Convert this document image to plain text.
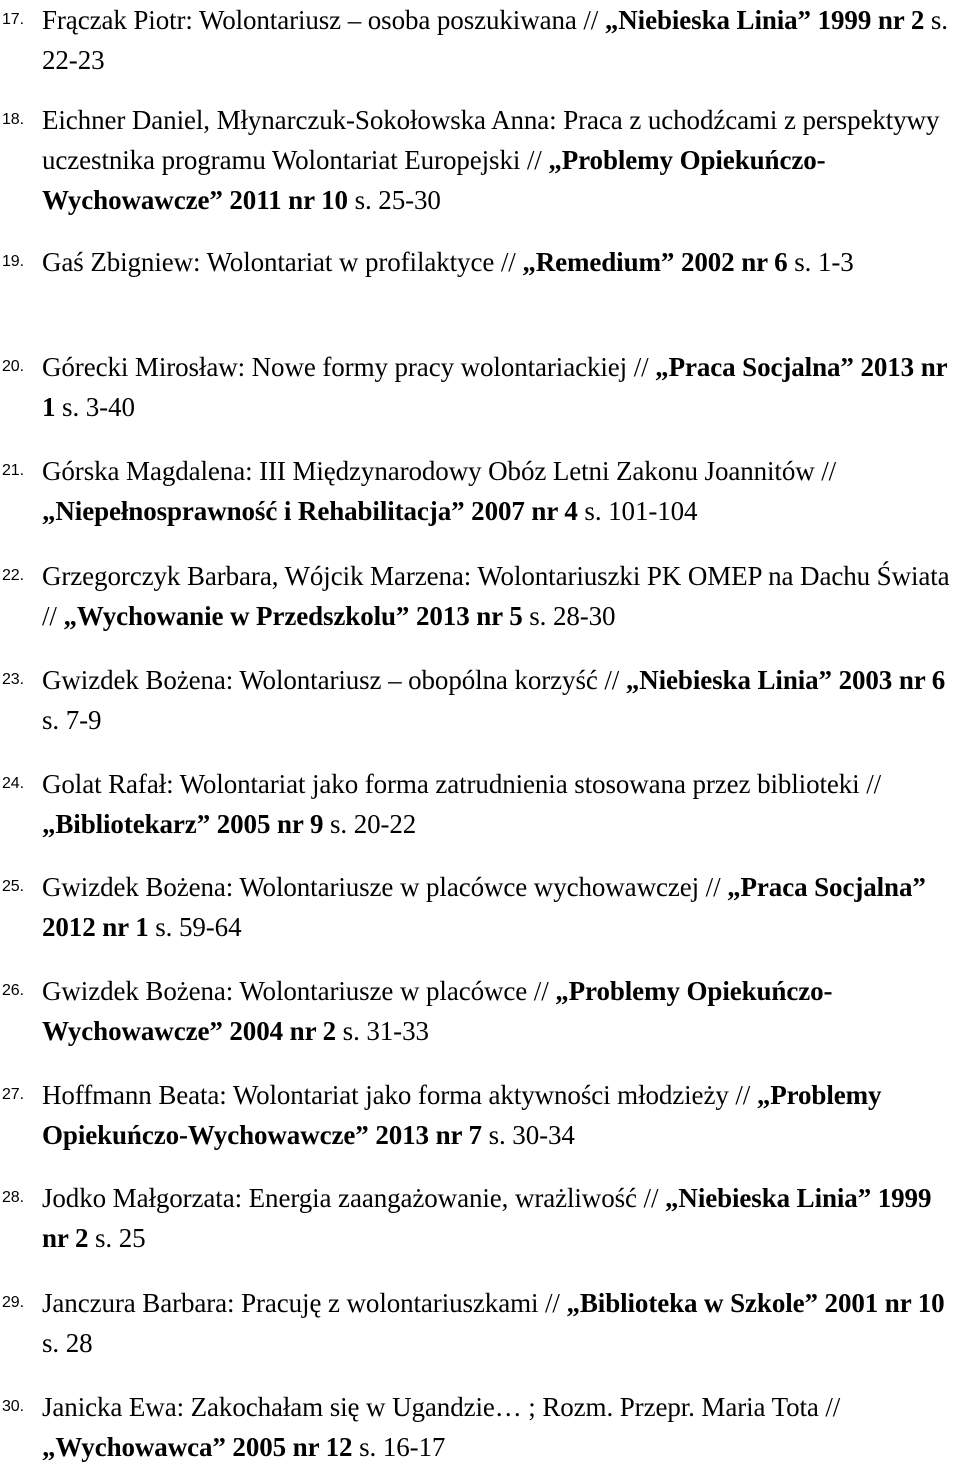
17 . Frączak Piotr: Wolontariusz – osoba poszukiwana // „Niebieska Linia” 1999 nr 2 s. 22-23
18 . Eichner Daniel, Młynarczuk-Sokołowska Anna: Praca z uchodźcami z perspektywy uczestnika programu Wolontariat Europejski // „Problemy Opiekuńczo-Wychowawcze” 2011 nr 10 s. 25-30
19 . Gaś Zbigniew: Wolontariat w profilaktyce // „Remedium” 2002 nr 6 s. 1-3
20 . Górecki Mirosław: Nowe formy pracy wolontariackiej // „Praca Socjalna” 2013 nr 1 s. 3-40
21 . Górska Magdalena: III Międzynarodowy Obóz Letni Zakonu Joannitów // „Niepełnosprawność i Rehabilitacja” 2007 nr 4 s. 101-104
22 . Grzegorczyk Barbara, Wójcik Marzena: Wolontariuszki PK OMEP na Dachu Świata // „Wychowanie w Przedszkolu” 2013 nr 5 s. 28-30
23 . Gwizdek Bożena: Wolontariusz – obopólna korzyść // „Niebieska Linia” 2003 nr 6 s. 7-9
24 . Golat Rafał: Wolontariat jako forma zatrudnienia stosowana przez biblioteki // „Bibliotekarz” 2005 nr 9 s. 20-22
25 . Gwizdek Bożena: Wolontariusze w placówce wychowawczej // „Praca Socjalna” 2012 nr 1 s. 59-64
26 . Gwizdek Bożena: Wolontariusze w placówce // „Problemy Opiekuńczo-Wychowawcze” 2004 nr 2 s. 31-33
27 . Hoffmann Beata: Wolontariat jako forma aktywności młodzieży // „Problemy Opiekuńczo-Wychowawcze” 2013 nr 7 s. 30-34
28 . Jodko Małgorzata: Energia zaangażowanie, wrażliwość // „Niebieska Linia” 1999 nr 2 s. 25
29 . Janczura Barbara: Pracuję z wolontariuszkami // „Biblioteka w Szkole” 2001 nr 10 s. 28
30 . Janicka Ewa: Zakochałam się w Ugandzie… ; Rozm. Przepr. Maria Tota // „Wychowawca” 2005 nr 12 s. 16-17
